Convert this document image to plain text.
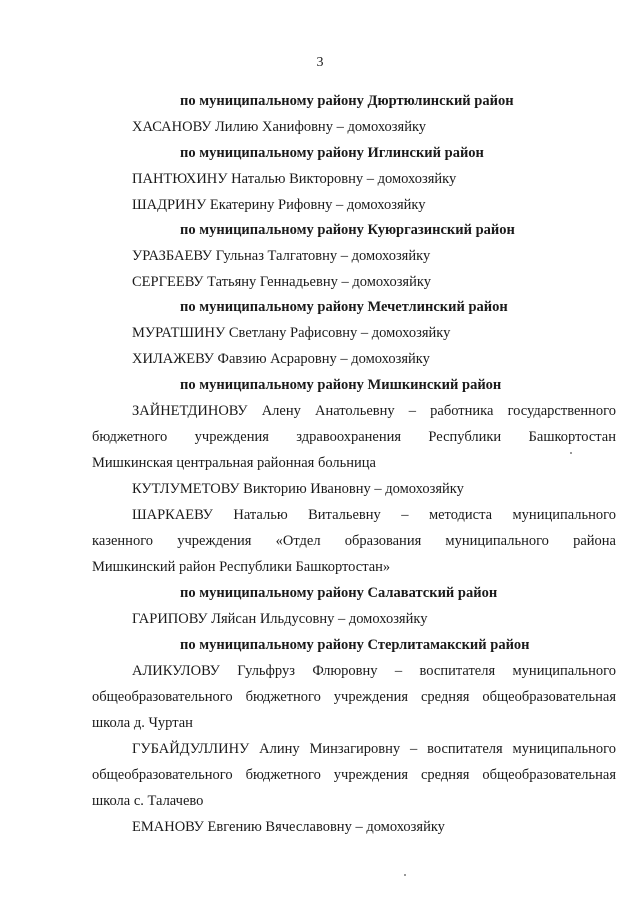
3
по муниципальному району Дюртюлинский район
ХАСАНОВУ Лилию Ханифовну – домохозяйку
по муниципальному району Иглинский район
ПАНТЮХИНУ Наталью Викторовну – домохозяйку
ШАДРИНУ Екатерину Рифовну – домохозяйку
по муниципальному району Куюргазинский район
УРАЗБАЕВУ Гульназ Талгатовну – домохозяйку
СЕРГЕЕВУ Татьяну Геннадьевну – домохозяйку
по муниципальному району Мечетлинский район
МУРАТШИНУ Светлану Рафисовну – домохозяйку
ХИЛАЖЕВУ Фавзию Асраровну – домохозяйку
по муниципальному району Мишкинский район
ЗАЙНЕТДИНОВУ Алену Анатольевну – работника государственного
бюджетного учреждения здравоохранения Республики Башкортостан
Мишкинская центральная районная больница
КУТЛУМЕТОВУ Викторию Ивановну – домохозяйку
ШАРКАЕВУ Наталью Витальевну – методиста муниципального
казенного учреждения «Отдел образования муниципального района
Мишкинский район Республики Башкортостан»
по муниципальному району Салаватский район
ГАРИПОВУ Ляйсан Ильдусовну – домохозяйку
по муниципальному району Стерлитамакский район
АЛИКУЛОВУ Гульфруз Флюровну – воспитателя муниципального
общеобразовательного бюджетного учреждения средняя общеобразовательная
школа д. Чуртан
ГУБАЙДУЛЛИНУ Алину Минзагировну – воспитателя муниципального
общеобразовательного бюджетного учреждения средняя общеобразовательная
школа с. Талачево
ЕМАНОВУ Евгению Вячеславовну – домохозяйку
